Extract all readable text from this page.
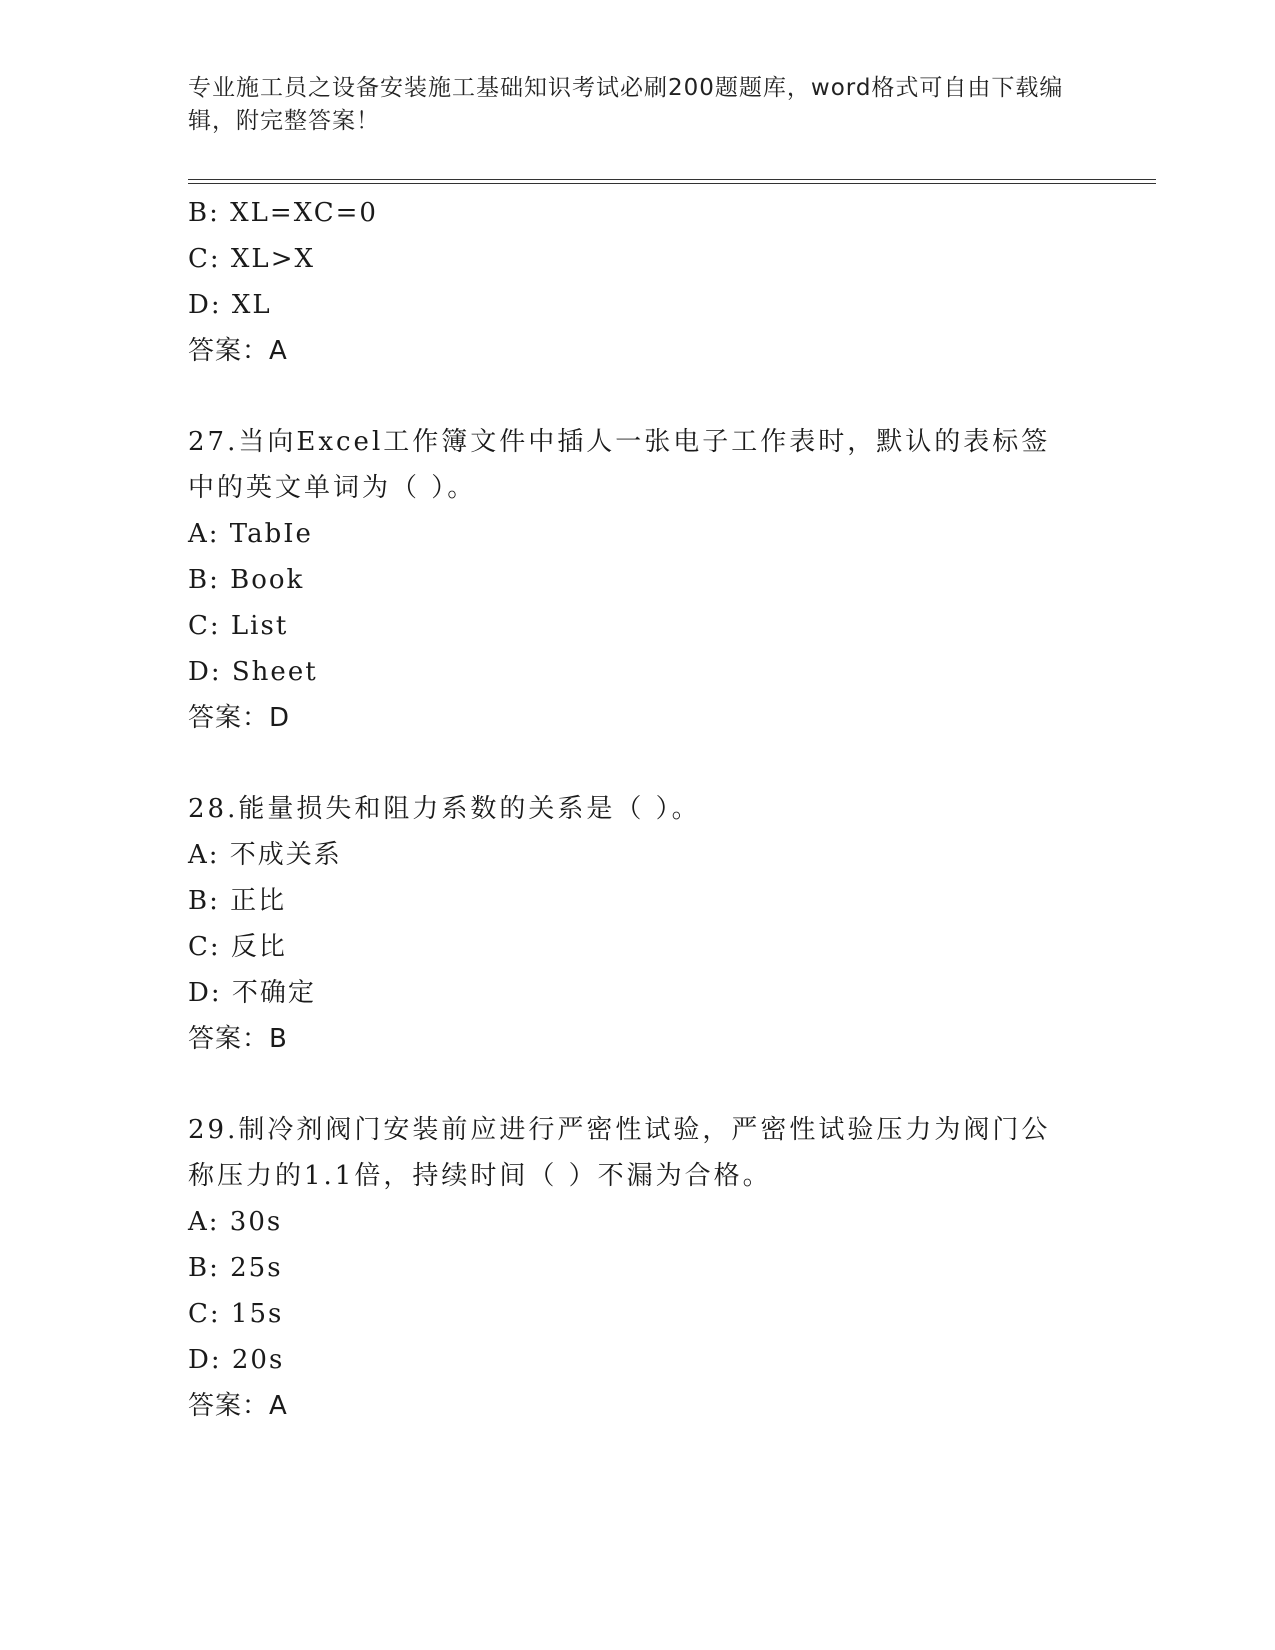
专业施工员之设备安装施工基础知识考试必刷200题题库，word格式可自由下载编辑，附完整答案！
B: XL=XC=0
C: XL>X
D: XL
答案：A
27.当向Excel工作簿文件中插人一张电子工作表时，默认的表标签中的英文单词为（ ）。
A: TabIe
B: Book
C: List
D: Sheet
答案：D
28.能量损失和阻力系数的关系是（ ）。
A: 不成关系
B: 正比
C: 反比
D: 不确定
答案：B
29.制冷剂阀门安装前应进行严密性试验，严密性试验压力为阀门公称压力的1.1倍，持续时间（ ）不漏为合格。
A: 30s
B: 25s
C: 15s
D: 20s
答案：A
